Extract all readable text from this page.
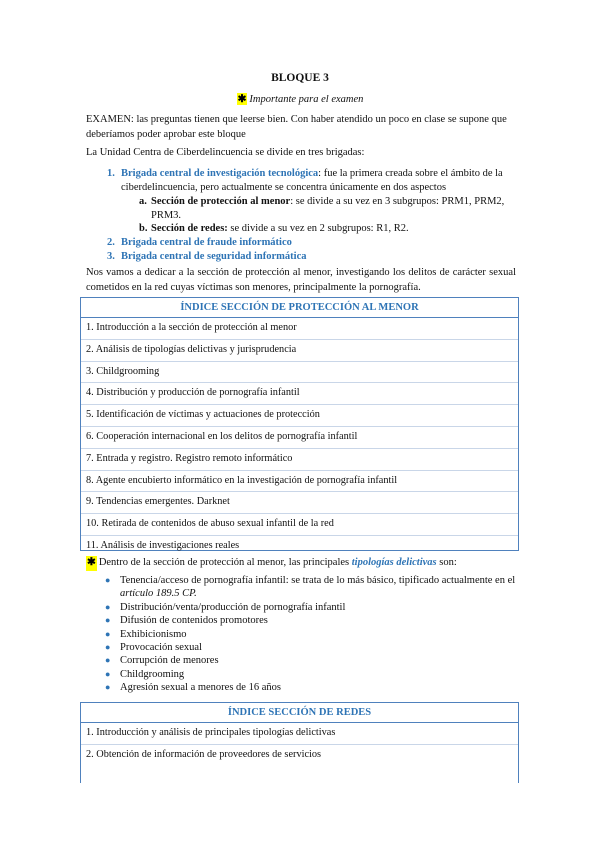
BLOQUE 3
✱ Importante para el examen
EXAMEN: las preguntas tienen que leerse bien. Con haber atendido un poco en clase se supone que deberíamos poder aprobar este bloque
La Unidad Centra de Ciberdelincuencia se divide en tres brigadas:
1. Brigada central de investigación tecnológica: fue la primera creada sobre el ámbito de la ciberdelincuencia, pero actualmente se concentra únicamente en dos aspectos
a. Sección de protección al menor: se divide a su vez en 3 subgrupos: PRM1, PRM2, PRM3.
b. Sección de redes: se divide a su vez en 2 subgrupos: R1, R2.
2. Brigada central de fraude informático
3. Brigada central de seguridad informática
Nos vamos a dedicar a la sección de protección al menor, investigando los delitos de carácter sexual cometidos en la red cuyas víctimas son menores, principalmente la pornografía.
ÍNDICE SECCIÓN DE PROTECCIÓN AL MENOR
1. Introducción a la sección de protección al menor
2. Análisis de tipologías delictivas y jurisprudencia
3. Childgrooming
4. Distribución y producción de pornografía infantil
5. Identificación de víctimas y actuaciones de protección
6. Cooperación internacional en los delitos de pornografía infantil
7. Entrada y registro. Registro remoto informático
8. Agente encubierto informático en la investigación de pornografía infantil
9. Tendencias emergentes. Darknet
10. Retirada de contenidos de abuso sexual infantil de la red
11. Análisis de investigaciones reales
✱ Dentro de la sección de protección al menor, las principales tipologías delictivas son:
● Tenencia/acceso de pornografía infantil: se trata de lo más básico, tipificado actualmente en el artículo 189.5 CP.
● Distribución/venta/producción de pornografía infantil
● Difusión de contenidos promotores
● Exhibicionismo
● Provocación sexual
● Corrupción de menores
● Childgrooming
● Agresión sexual a menores de 16 años
ÍNDICE SECCIÓN DE REDES
1. Introducción y análisis de principales tipologías delictivas
2. Obtención de información de proveedores de servicios
